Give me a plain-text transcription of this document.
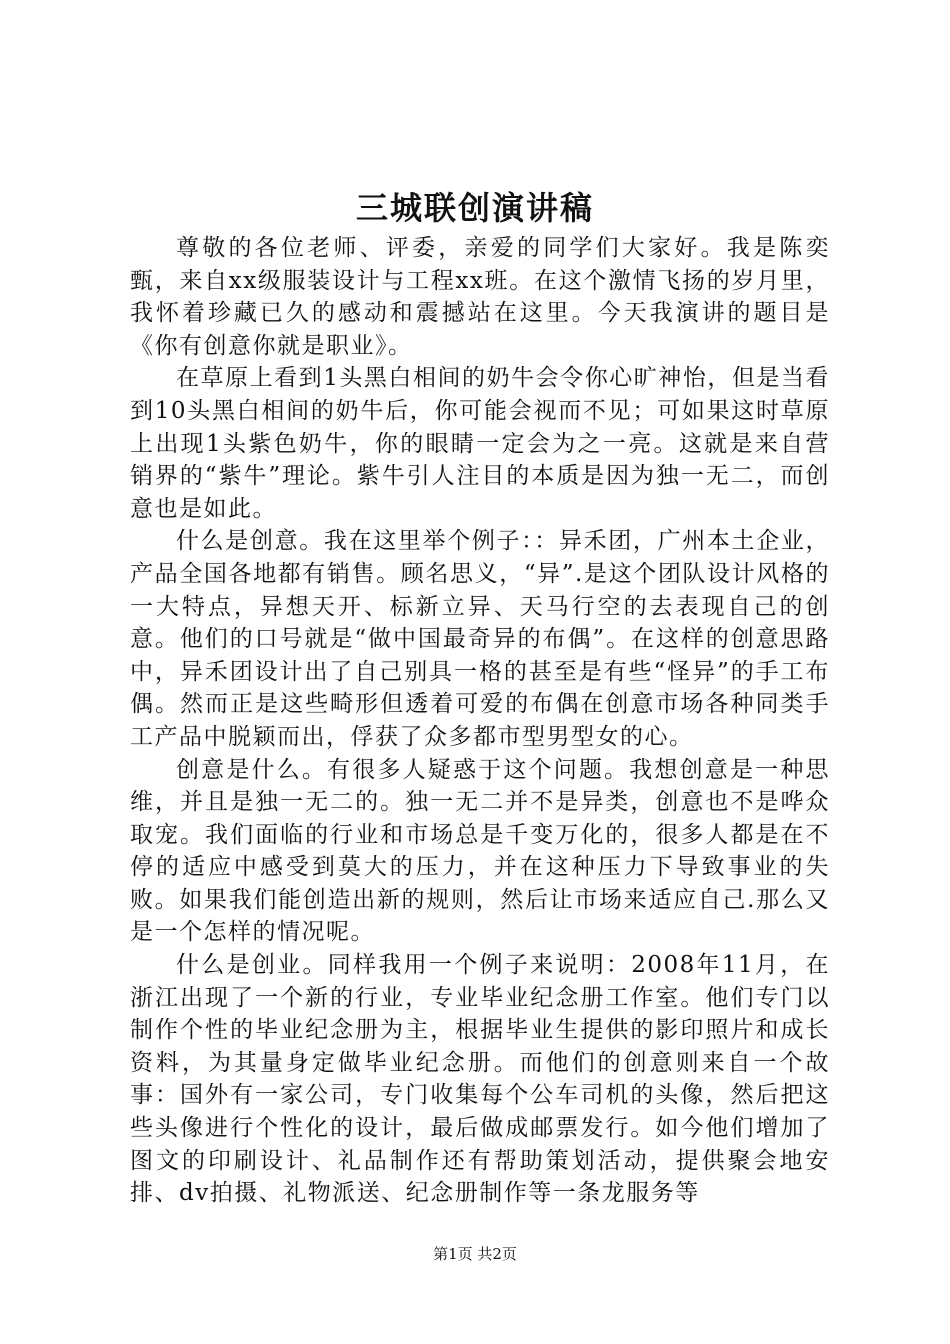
三城联创演讲稿

尊敬的各位老师、评委，亲爱的同学们大家好。我是陈奕甄，来自xx级服装设计与工程xx班。在这个激情飞扬的岁月里，我怀着珍藏已久的感动和震撼站在这里。今天我演讲的题目是《你有创意你就是职业》。

在草原上看到1头黑白相间的奶牛会令你心旷神怡，但是当看到10头黑白相间的奶牛后，你可能会视而不见；可如果这时草原上出现1头紫色奶牛，你的眼睛一定会为之一亮。这就是来自营销界的“紫牛”理论。紫牛引人注目的本质是因为独一无二，而创意也是如此。

什么是创意。我在这里举个例子：：异禾团，广州本土企业，产品全国各地都有销售。顾名思义，“异”.是这个团队设计风格的一大特点，异想天开、标新立异、天马行空的去表现自己的创意。他们的口号就是“做中国最奇异的布偶”。在这样的创意思路中，异禾团设计出了自己别具一格的甚至是有些“怪异”的手工布偶。然而正是这些畸形但透着可爱的布偶在创意市场各种同类手工产品中脱颖而出，俘获了众多都市型男型女的心。

创意是什么。有很多人疑惑于这个问题。我想创意是一种思维，并且是独一无二的。独一无二并不是异类，创意也不是哗众取宠。我们面临的行业和市场总是千变万化的，很多人都是在不停的适应中感受到莫大的压力，并在这种压力下导致事业的失败。如果我们能创造出新的规则，然后让市场来适应自己.那么又是一个怎样的情况呢。

什么是创业。同样我用一个例子来说明：2008年11月，在浙江出现了一个新的行业，专业毕业纪念册工作室。他们专门以制作个性的毕业纪念册为主，根据毕业生提供的影印照片和成长资料，为其量身定做毕业纪念册。而他们的创意则来自一个故事：国外有一家公司，专门收集每个公车司机的头像，然后把这些头像进行个性化的设计，最后做成邮票发行。如今他们增加了图文的印刷设计、礼品制作还有帮助策划活动，提供聚会地安排、dv拍摄、礼物派送、纪念册制作等一条龙服务等

第1页 共2页
